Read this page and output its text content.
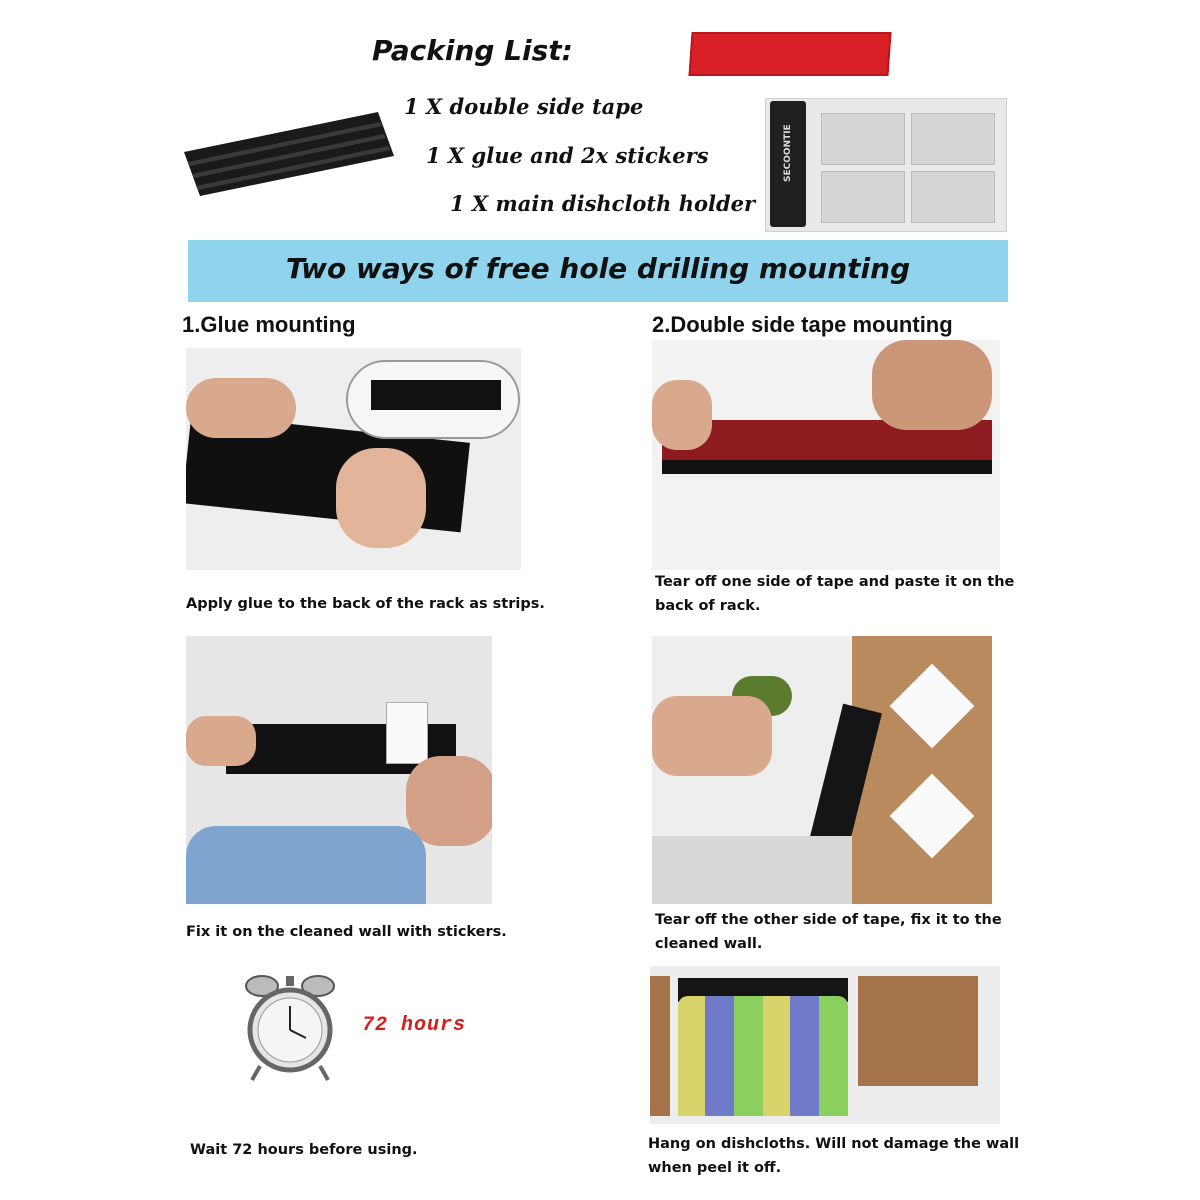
Packing List:
1 X double side tape
1 X glue and 2x stickers
1 X main dishcloth holder
SECOONTIE
Two ways of free hole drilling mounting
1.Glue mounting	2.Double side tape mounting
Apply glue to the back of the rack as strips.
Tear off one side of tape and paste it on the
back of rack.
Fix it on the cleaned wall with stickers.
Tear off the other side of tape, fix it to the
cleaned wall.
72 hours
Wait 72 hours before using.	Hang on dishcloths. Will not damage the wall
when peel it off.
